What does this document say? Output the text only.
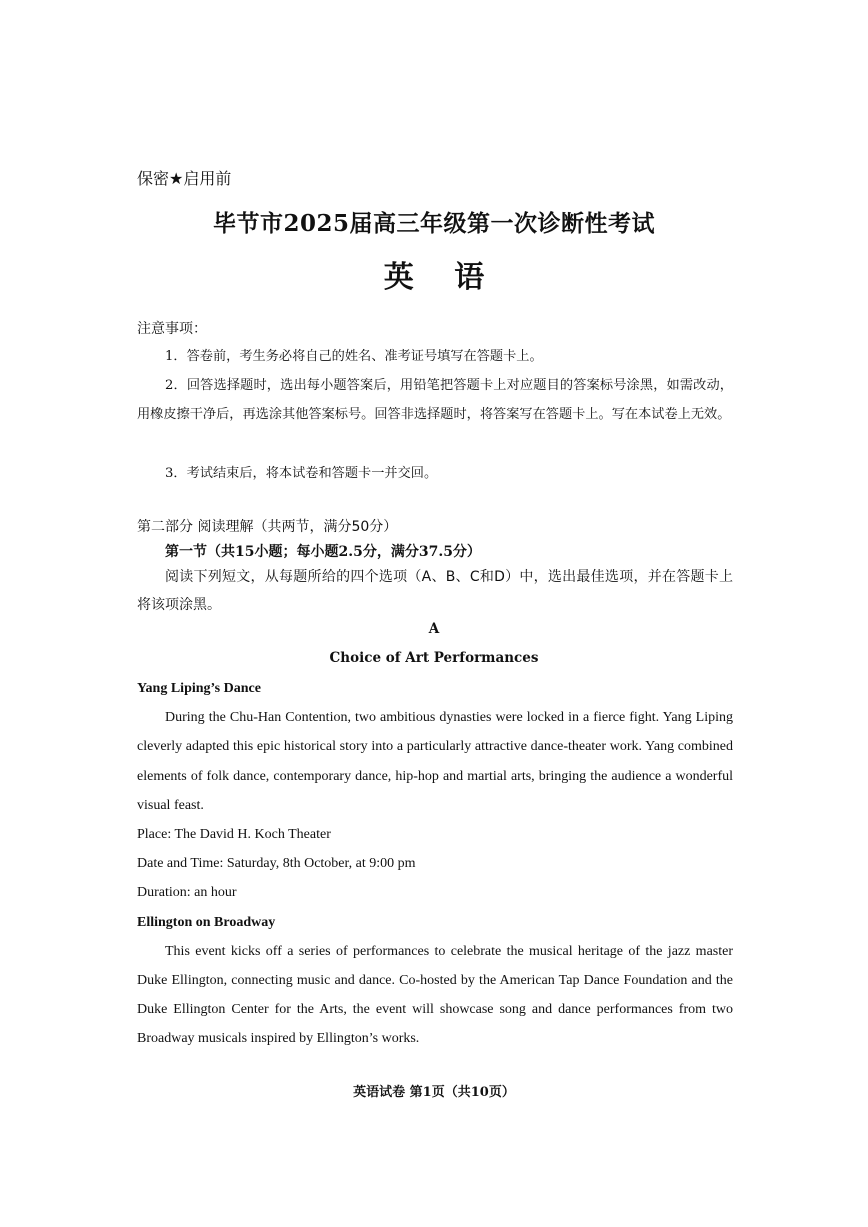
保密★启用前
毕节市2025届高三年级第一次诊断性考试
英 语
注意事项：

1．答卷前，考生务必将自己的姓名、准考证号填写在答题卡上。

2．回答选择题时，选出每小题答案后，用铅笔把答题卡上对应题目的答案标号涂黑，如需改动，用橡皮擦干净后，再选涂其他答案标号。回答非选择题时，将答案写在答题卡上。写在本试卷上无效。

3．考试结束后，将本试卷和答题卡一并交回。

第二部分 阅读理解（共两节，满分50分）
第一节（共15小题；每小题2.5分，满分37.5分）

阅读下列短文，从每题所给的四个选项（A、B、C和D）中，选出最佳选项，并在答题卡上将该项涂黑。

A
Choice of Art Performances

Yang Liping’s Dance

During the Chu-Han Contention, two ambitious dynasties were locked in a fierce fight. Yang Liping cleverly adapted this epic historical story into a particularly attractive dance-theater work. Yang combined elements of folk dance, contemporary dance, hip-hop and martial arts, bringing the audience a wonderful visual feast.

Place: The David H. Koch Theater

Date and Time: Saturday, 8th October, at 9:00 pm

Duration: an hour

Ellington on Broadway

This event kicks off a series of performances to celebrate the musical heritage of the jazz master Duke Ellington, connecting music and dance. Co-hosted by the American Tap Dance Foundation and the Duke Ellington Center for the Arts, the event will showcase song and dance performances from two Broadway musicals inspired by Ellington’s works.

英语试卷 第1页（共10页）
